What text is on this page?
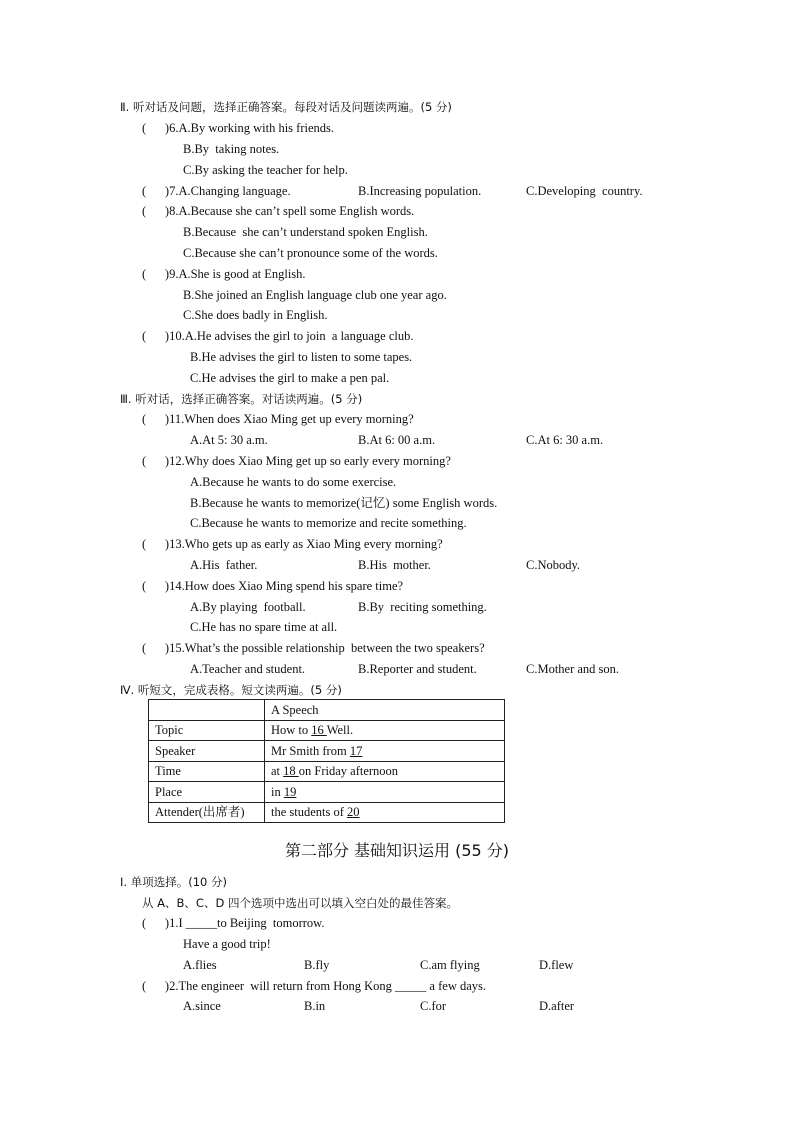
Ⅱ. 听对话及问题，选择正确答案。每段对话及问题读两遍。(5 分)
(      )6.A.By working with his friends.
B.By  taking notes.
C.By asking the teacher for help.
(      )7.A.Changing language.	B.Increasing population.	C.Developing  country.
(      )8.A.Because she can’t spell some English words.
B.Because  she can’t understand spoken English.
C.Because she can’t pronounce some of the words.
(      )9.A.She is good at English.
B.She joined an English language club one year ago.
C.She does badly in English.
(      )10.A.He advises the girl to join  a language club.
B.He advises the girl to listen to some tapes.
C.He advises the girl to make a pen pal.
Ⅲ. 听对话，选择正确答案。对话读两遍。(5 分)
(      )11.When does Xiao Ming get up every morning?
A.At 5: 30 a.m.	B.At 6: 00 a.m.	C.At 6: 30 a.m.
(      )12.Why does Xiao Ming get up so early every morning?
A.Because he wants to do some exercise.
B.Because he wants to memorize(记忆) some English words.
C.Because he wants to memorize and recite something.
(      )13.Who gets up as early as Xiao Ming every morning?
A.His  father.	B.His  mother.	C.Nobody.
(      )14.How does Xiao Ming spend his spare time?
A.By playing  football.	B.By  reciting something.
C.He has no spare time at all.
(      )15.What’s the possible relationship  between the two speakers?
A.Teacher and student.	B.Reporter and student.	C.Mother and son.
Ⅳ. 听短文，完成表格。短文读两遍。(5 分)
	A Speech
Topic	How to 16 Well.
Speaker	Mr Smith from 17
Time	at 18 on Friday afternoon
Place	in 19
Attender(出席者)	the students of 20
第二部分 基础知识运用 (55 分)
Ⅰ. 单项选择。(10 分)
从 A、B、C、D 四个选项中选出可以填入空白处的最佳答案。
(      )1.I _____to Beijing  tomorrow.
Have a good trip!
A.flies	B.fly	C.am flying	D.flew
(      )2.The engineer  will return from Hong Kong _____ a few days.
A.since	B.in	C.for	D.after
